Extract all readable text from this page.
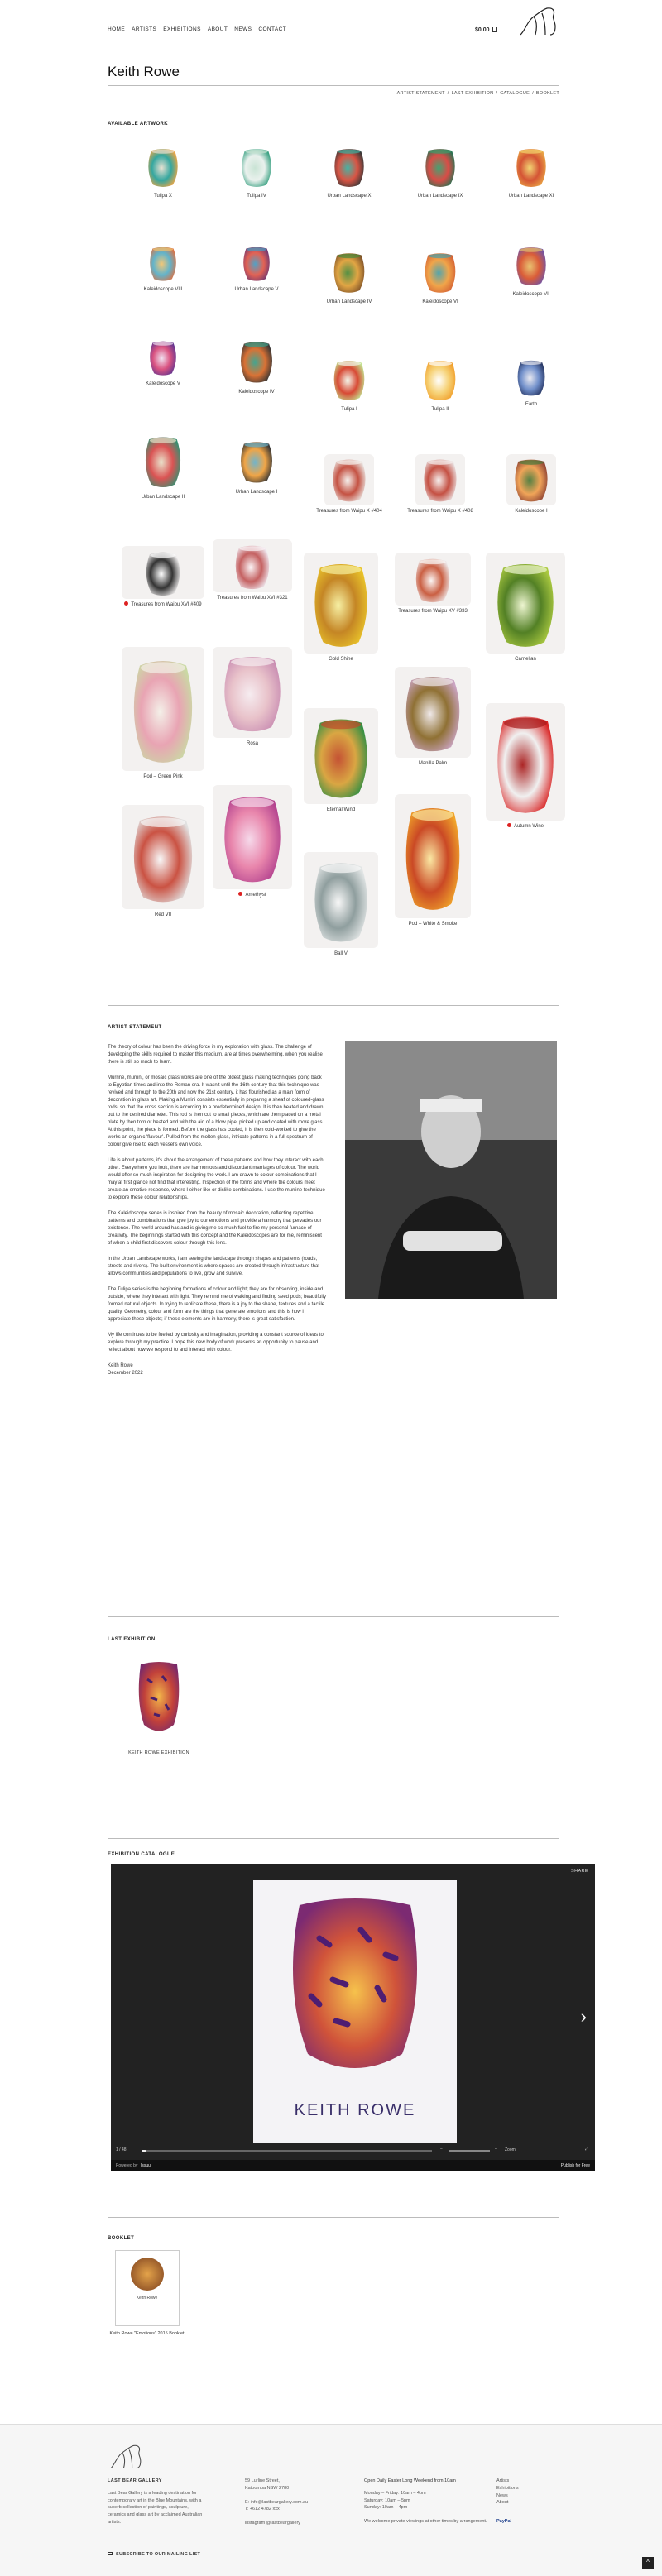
HOME ARTISTS EXHIBITIONS ABOUT NEWS CONTACT	$0.00
Keith Rowe
ARTIST STATEMENT / LAST EXHIBITION / CATALOGUE / BOOKLET
AVAILABLE ARTWORK
Tulipa X	Tulipa IV	Urban Landscape X	Urban Landscape IX	Urban Landscape XI
Kaleidoscope VIII	Urban Landscape V
Urban Landscape IV	Kaleidoscope VI
Kaleidoscope VII
Kaleidoscope V
Kaleidoscope IV
Tulipa I	Tulipa II
Earth
Urban Landscape II
Urban Landscape I
Treasures from Waipu X #404	Treasures from Waipu X #408	Kaleidoscope I
Treasures from Waipu XVI #409
Treasures from Waipu XVI #321
Gold Shine
Treasures from Waipu XV #333
Carnelian
Pod – Green Pink
Rosa
Eternal Wind
Manilla Palm
Autumn Wine
Red VII
Amethyst
Ball V
Pod – White & Smoke
ARTIST STATEMENT

The theory of colour has been the driving force in my exploration with glass. The challenge of developing the skills required to master this medium, are at times overwhelming, when you realise there is still so much to learn.

Murrine, murrini, or mosaic glass works are one of the oldest glass making techniques going back to Egyptian times and into the Roman era. It wasn't until the 16th century that this technique was revived and through to the 20th and now the 21st century, it has flourished as a main form of decoration in glass art. Making a Murrini consists essentially in preparing a sheaf of coloured-glass rods, so that the cross section is according to a predetermined design. It is then heated and drawn out to the desired diameter. This rod is then cut to small pieces, which are then placed on a metal plate by then torn or heated and with the aid of a blow pipe, picked up and coated with more glass. At this point, the piece is formed. Before the glass has cooled, it is then cold-worked to give the works an organic 'flavour'. Pulled from the molten glass, intricate patterns in a full spectrum of colour give rise to each vessel's own voice.

Life is about patterns, it's about the arrangement of these patterns and how they interact with each other. Everywhere you look, there are harmonious and discordant marriages of colour. The world would offer so much inspiration for designing the work. I am drawn to colour combinations that I may at first glance not find that interesting. Inspection of the forms and where the colours meet create an emotive response, where I either like or dislike combinations. I use the murrine technique to explore these colour relationships.

The Kaleidoscope series is inspired from the beauty of mosaic decoration, reflecting repetitive patterns and combinations that give joy to our emotions and provide a harmony that pervades our existence. The world around has and is giving me so much fuel to fire my personal furnace of creativity. The beginnings started with this concept and the Kaleidoscopes are for me, reminiscent of when a child first discovers colour through this lens.

In the Urban Landscape works, I am seeing the landscape through shapes and patterns (roads, streets and rivers). The built environment is where spaces are created through infrastructure that allows communities and populations to live, grow and survive.

The Tulipa series is the beginning formations of colour and light; they are for observing, inside and outside, where they interact with light. They remind me of walking and finding seed pods; beautifully formed natural objects. In trying to replicate these, there is a joy to the shape, textures and a tactile quality. Geometry, colour and form are the things that generate emotions and this is how I appreciate these objects; if these elements are in harmony, there is great satisfaction.

My life continues to be fuelled by curiosity and imagination, providing a constant source of ideas to explore through my practice. I hope this new body of work presents an opportunity to pause and reflect about how we respond to and interact with colour.

Keith Rowe
December 2022

LAST EXHIBITION
KEITH ROWE EXHIBITION
EXHIBITION CATALOGUE
SHARE
KEITH ROWE
›
1 / 48	−	+ Zoom	⤢
Powered by Issuu	Publish for Free
BOOKLET
Keith Rowe
Keith Rowe "Emotions" 2015 Booklet
LAST BEAR GALLERY
Last Bear Gallery is a leading destination for contemporary art in the Blue Mountains, with a superb collection of paintings, sculpture, ceramics and glass art by acclaimed Australian artists.
SUBSCRIBE TO OUR MAILING LIST
59 Lurline Street,
Katoomba NSW 2780
E: info@lastbeargallery.com.au
T: +612 4782 xxx
instagram @lastbeargallery
Open Daily Easter Long Weekend from 10am
Monday – Friday: 10am – 4pm
Saturday: 10am – 5pm
Sunday: 10am – 4pm
We welcome private viewings at other times by arrangement.
Artists
Exhibitions
News
About
PayPal
^
